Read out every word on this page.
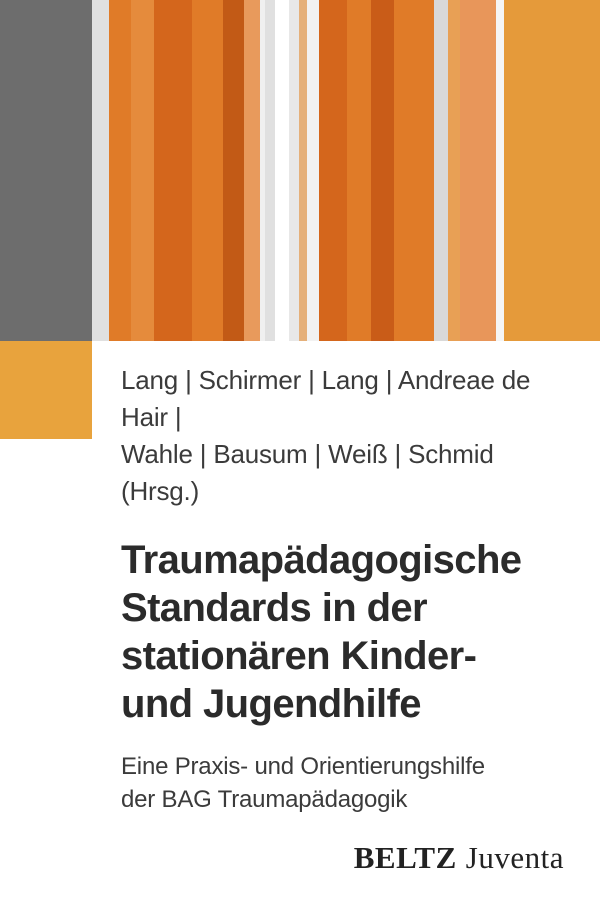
Lang | Schirmer | Lang | Andreae de Hair |
Wahle | Bausum | Weiß | Schmid (Hrsg.)
Traumapädagogische
Standards in der
stationären Kinder-
und Jugendhilfe
Eine Praxis- und Orientierungshilfe
der BAG Traumapädagogik
BELTZ Juventa
